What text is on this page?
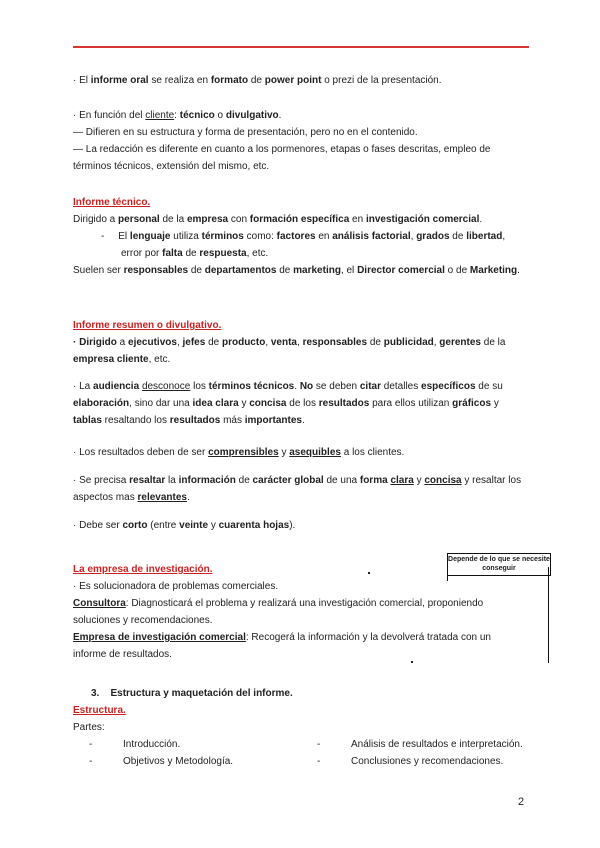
· El informe oral se realiza en formato de power point o prezi de la presentación.

· En función del cliente: técnico o divulgativo.

— Difieren en su estructura y forma de presentación, pero no en el contenido.

— La redacción es diferente en cuanto a los pormenores, etapas o fases descritas, empleo de términos técnicos, extensión del mismo, etc.

Informe técnico.

Dirigido a personal de la empresa con formación específica en investigación comercial.

- El lenguaje utiliza términos como: factores en análisis factorial, grados de libertad,

error por falta de respuesta, etc.

Suelen ser responsables de departamentos de marketing, el Director comercial o de Marketing.

Informe resumen o divulgativo.

· Dirigido a ejecutivos, jefes de producto, venta, responsables de publicidad, gerentes de la empresa cliente, etc.

· La audiencia desconoce los términos técnicos. No se deben citar detalles específicos de su elaboración, sino dar una idea clara y concisa de los resultados para ellos utilizan gráficos y tablas resaltando los resultados más importantes.

· Los resultados deben de ser comprensibles y asequibles a los clientes.

· Se precisa resaltar la información de carácter global de una forma clara y concisa y resaltar los aspectos mas relevantes.

· Debe ser corto (entre veinte y cuarenta hojas).

La empresa de investigación.

· Es solucionadora de problemas comerciales.

Consultora: Diagnosticará el problema y realizará una investigación comercial, proponiendo soluciones y recomendaciones.

Empresa de investigación comercial: Recogerá la información y la devolverá tratada con un informe de resultados.

Depende de lo que se necesite conseguir

3. Estructura y maquetación del informe.

Estructura.

Partes:

-	Introducción.
-	Objetivos y Metodología.
-	Análisis de resultados e interpretación.
-	Conclusiones y recomendaciones.
2
